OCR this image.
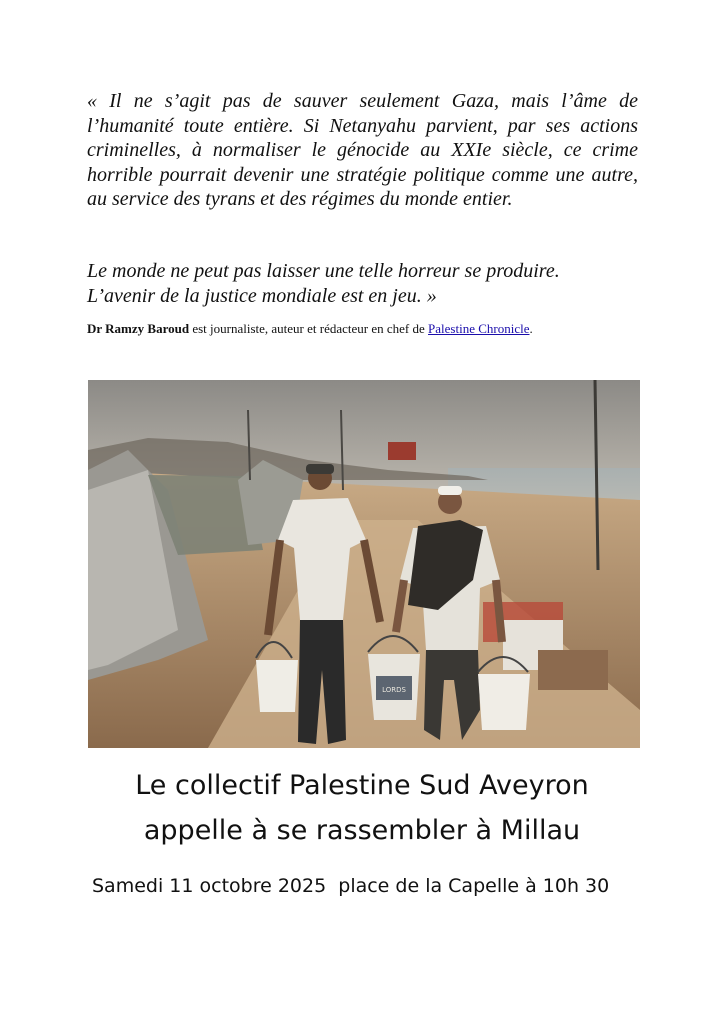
« Il ne s’agit pas de sauver seulement Gaza, mais l’âme de l’humanité toute entière. Si Netanyahu parvient, par ses actions criminelles, à normaliser le génocide au XXIe siècle, ce crime horrible pourrait devenir une stratégie politique comme une autre, au service des tyrans et des régimes du monde entier.

Le monde ne peut pas laisser une telle horreur se produire.
L’avenir de la justice mondiale est en jeu. »

Dr Ramzy Baroud est journaliste, auteur et rédacteur en chef de Palestine Chronicle.

LORDS

Le collectif Palestine Sud Aveyron

appelle à se rassembler à Millau

Samedi 11 octobre 2025  place de la Capelle à 10h 30
